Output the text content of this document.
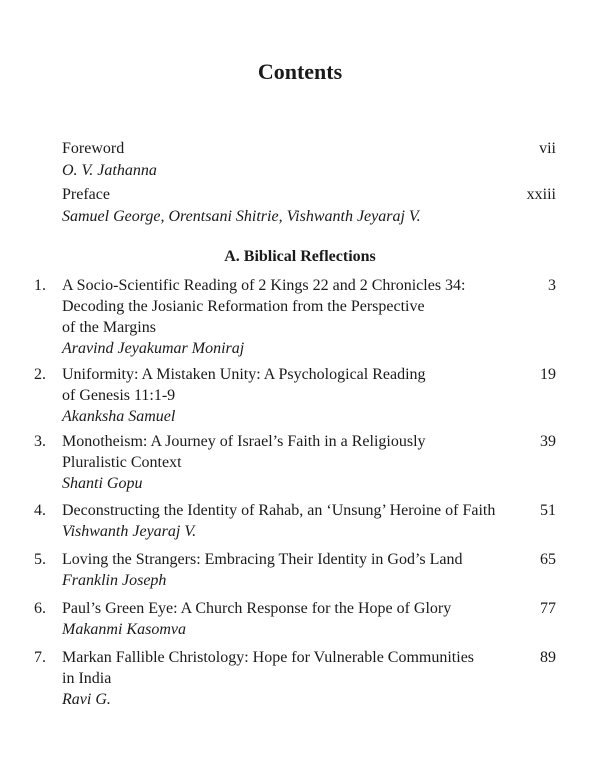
Contents
Foreword
O. V. Jathanna
vii
Preface
Samuel George, Orentsani Shitrie, Vishwanth Jeyaraj V.
xxiii
A. Biblical Reflections
1. A Socio-Scientific Reading of 2 Kings 22 and 2 Chronicles 34:
Decoding the Josianic Reformation from the Perspective
of the Margins
Aravind Jeyakumar Moniraj
3
2. Uniformity: A Mistaken Unity: A Psychological Reading
of Genesis 11:1-9
Akanksha Samuel
19
3. Monotheism: A Journey of Israel’s Faith in a Religiously
Pluralistic Context
Shanti Gopu
39
4. Deconstructing the Identity of Rahab, an ‘Unsung’ Heroine of Faith
Vishwanth Jeyaraj V.
51
5. Loving the Strangers: Embracing Their Identity in God’s Land
Franklin Joseph
65
6. Paul’s Green Eye: A Church Response for the Hope of Glory
Makanmi Kasomva
77
7. Markan Fallible Christology: Hope for Vulnerable Communities
in India
Ravi G.
89
